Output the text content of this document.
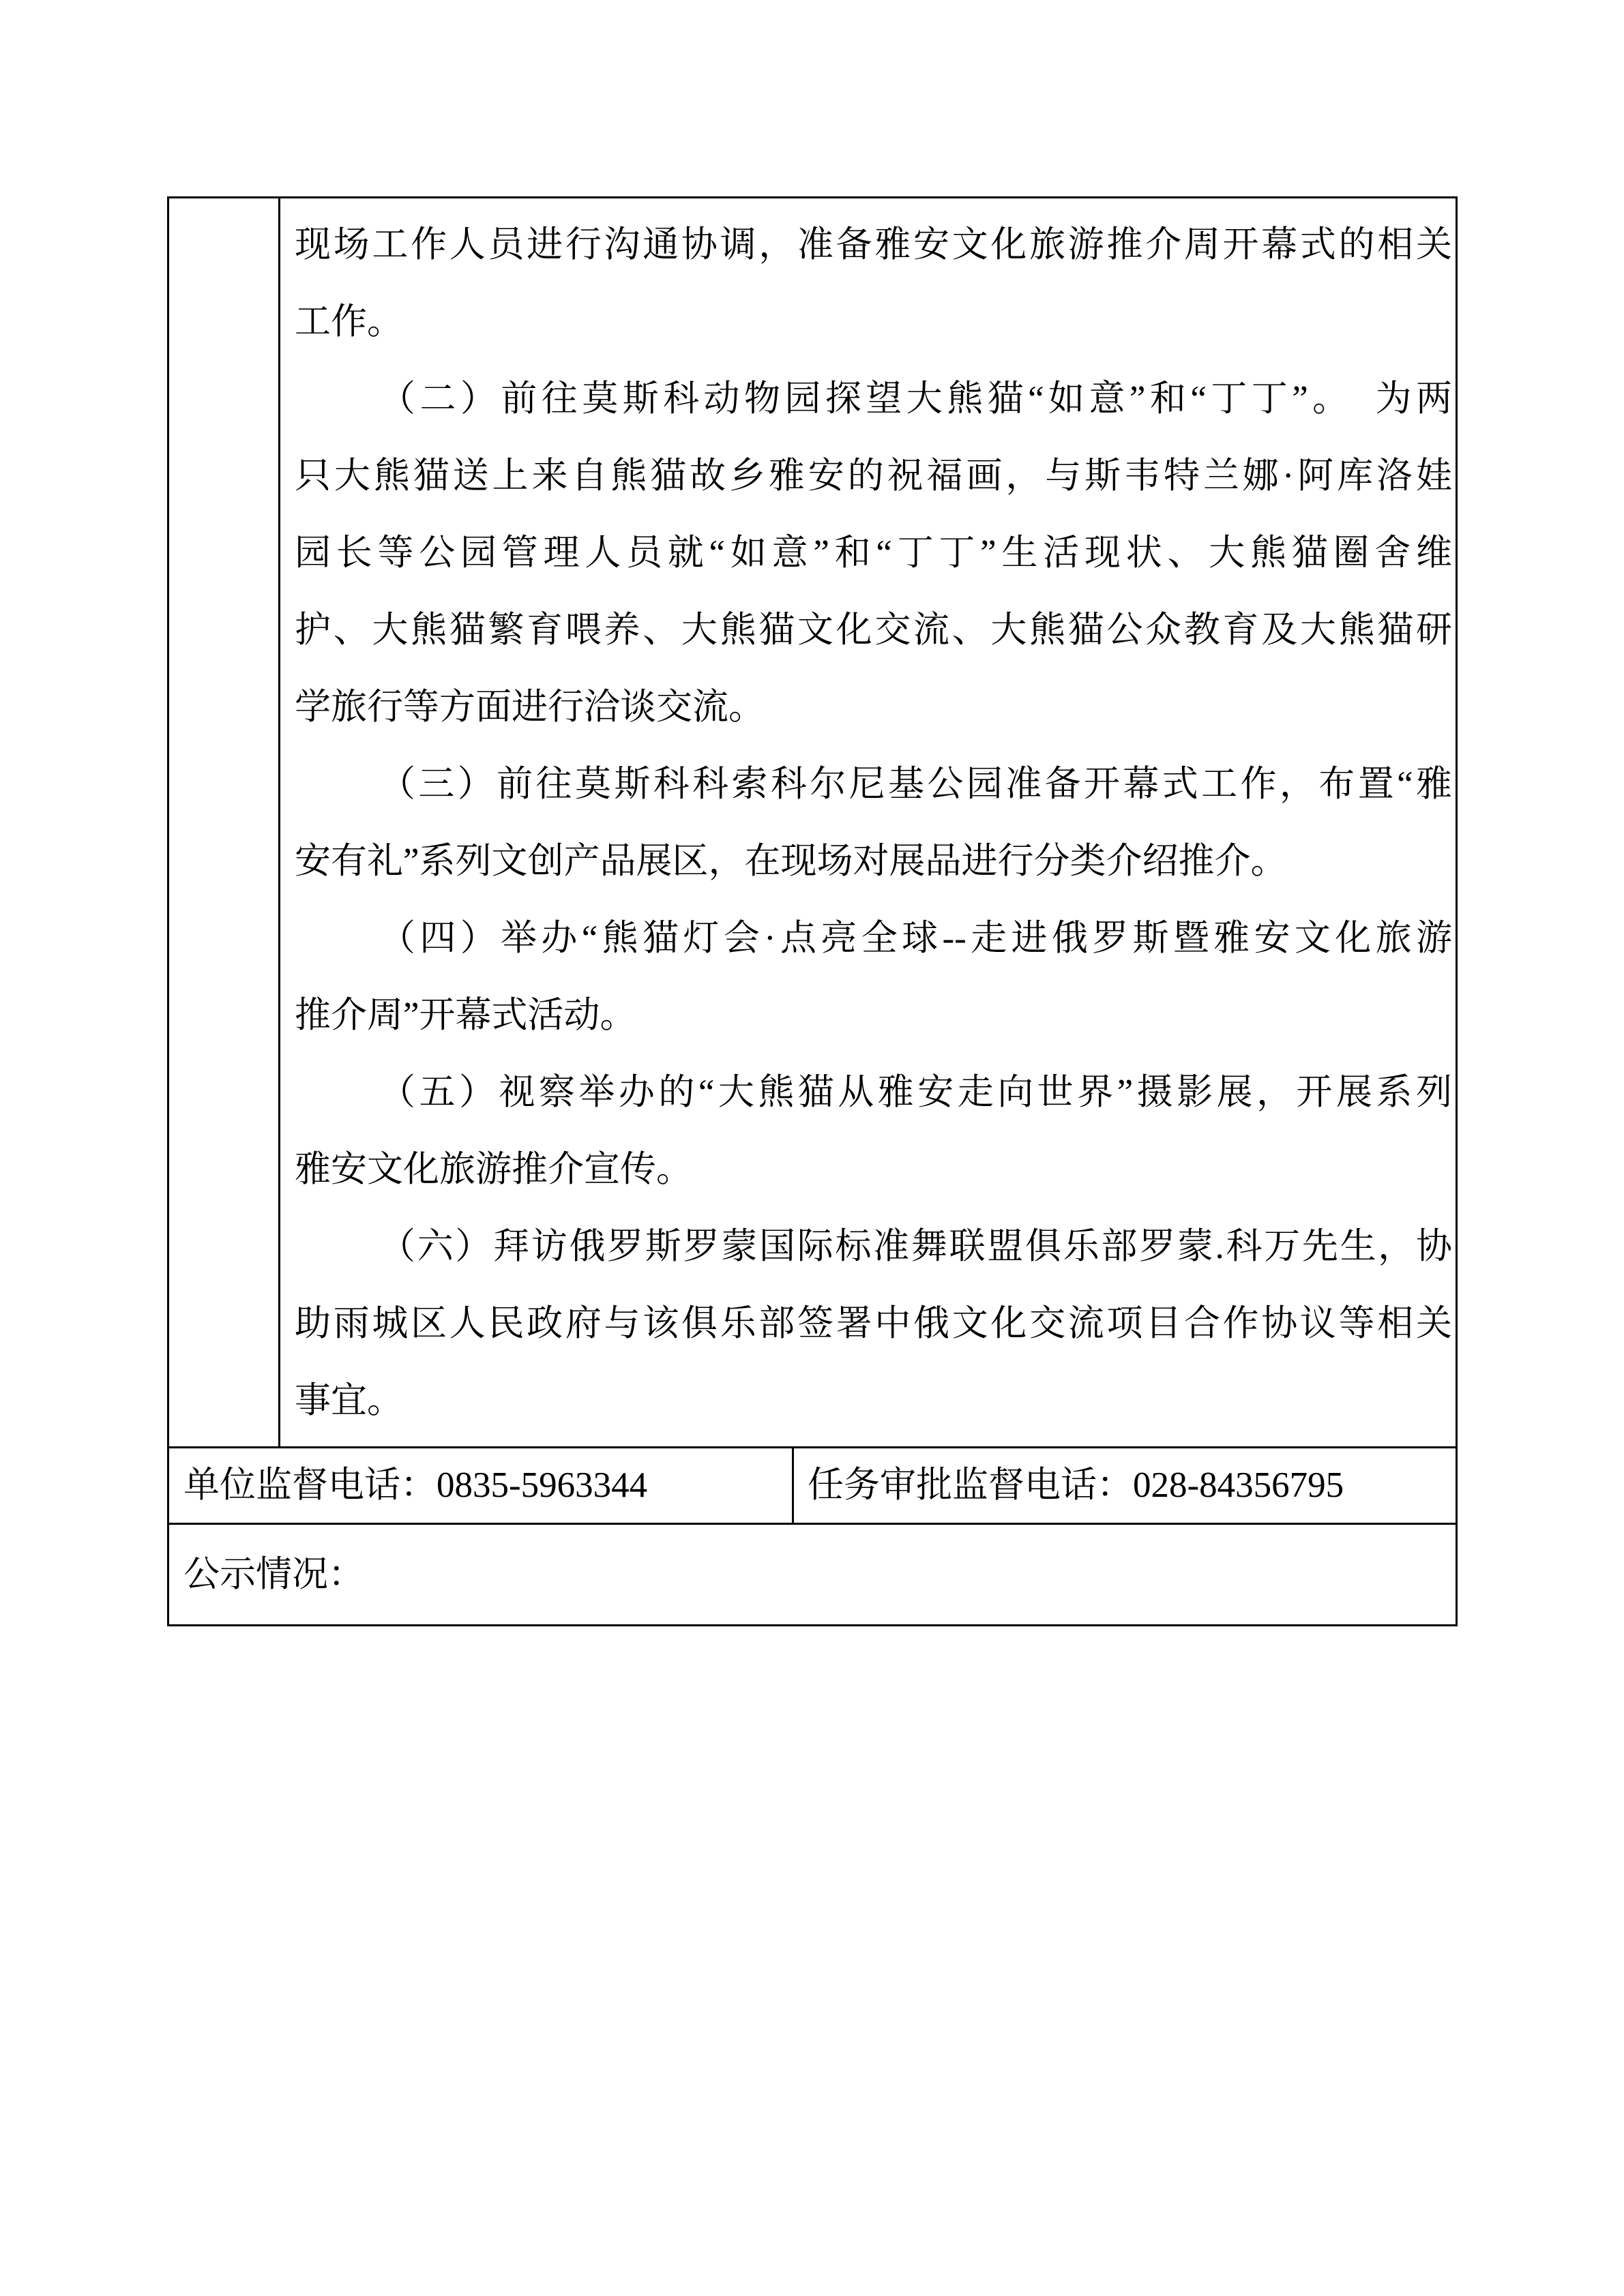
现场工作人员进行沟通协调，准备雅安文化旅游推介周开幕式的相关
工作。
（二）前往莫斯科动物园探望大熊猫“如意”和“丁丁”。　为两
只大熊猫送上来自熊猫故乡雅安的祝福画，与斯韦特兰娜·阿库洛娃
园长等公园管理人员就“如意”和“丁丁”生活现状、大熊猫圈舍维
护、大熊猫繁育喂养、大熊猫文化交流、大熊猫公众教育及大熊猫研
学旅行等方面进行洽谈交流。
（三）前往莫斯科科索科尔尼基公园准备开幕式工作，布置“雅
安有礼”系列文创产品展区，在现场对展品进行分类介绍推介。
（四）举办“熊猫灯会·点亮全球--走进俄罗斯暨雅安文化旅游
推介周”开幕式活动。
（五）视察举办的“大熊猫从雅安走向世界”摄影展，开展系列
雅安文化旅游推介宣传。
（六）拜访俄罗斯罗蒙国际标准舞联盟俱乐部罗蒙.科万先生，协
助雨城区人民政府与该俱乐部签署中俄文化交流项目合作协议等相关
事宜。
单位监督电话： 0835-5963344	任务审批监督电话： 028-84356795
公示情况：
